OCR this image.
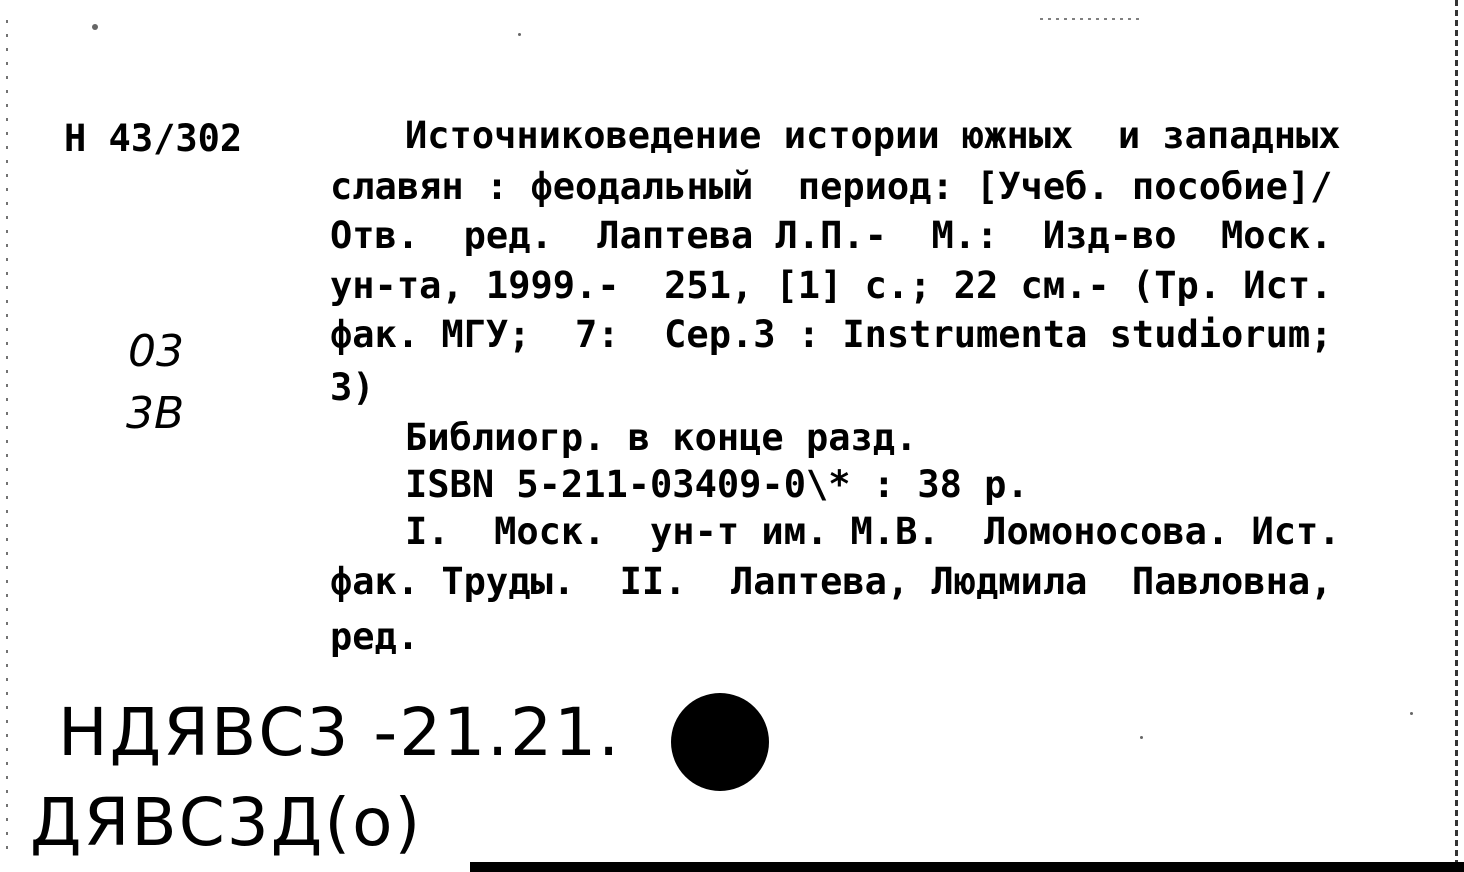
Н 43/302
03
3В
Источниковедение истории южных  и западных
славян : феодальный  период: [Учеб. пособие]/
Отв.  ред.  Лаптева Л.П.-  М.:  Изд-во  Моск.
ун-та, 1999.-  251, [1] с.; 22 см.- (Тр. Ист.
фак. МГУ;  7:  Сер.3 : Instrumenta studiorum;
3)
Библиогр. в конце разд.
ISBN 5-211-03409-0\* : 38 р.
I.  Моск.  ун-т им. М.В.  Ломоносова. Ист.
фак. Труды.  II.  Лаптева, Людмила  Павловна,
ред.
НДЯВС3 -21.21.
ДЯВС3Д(о)
